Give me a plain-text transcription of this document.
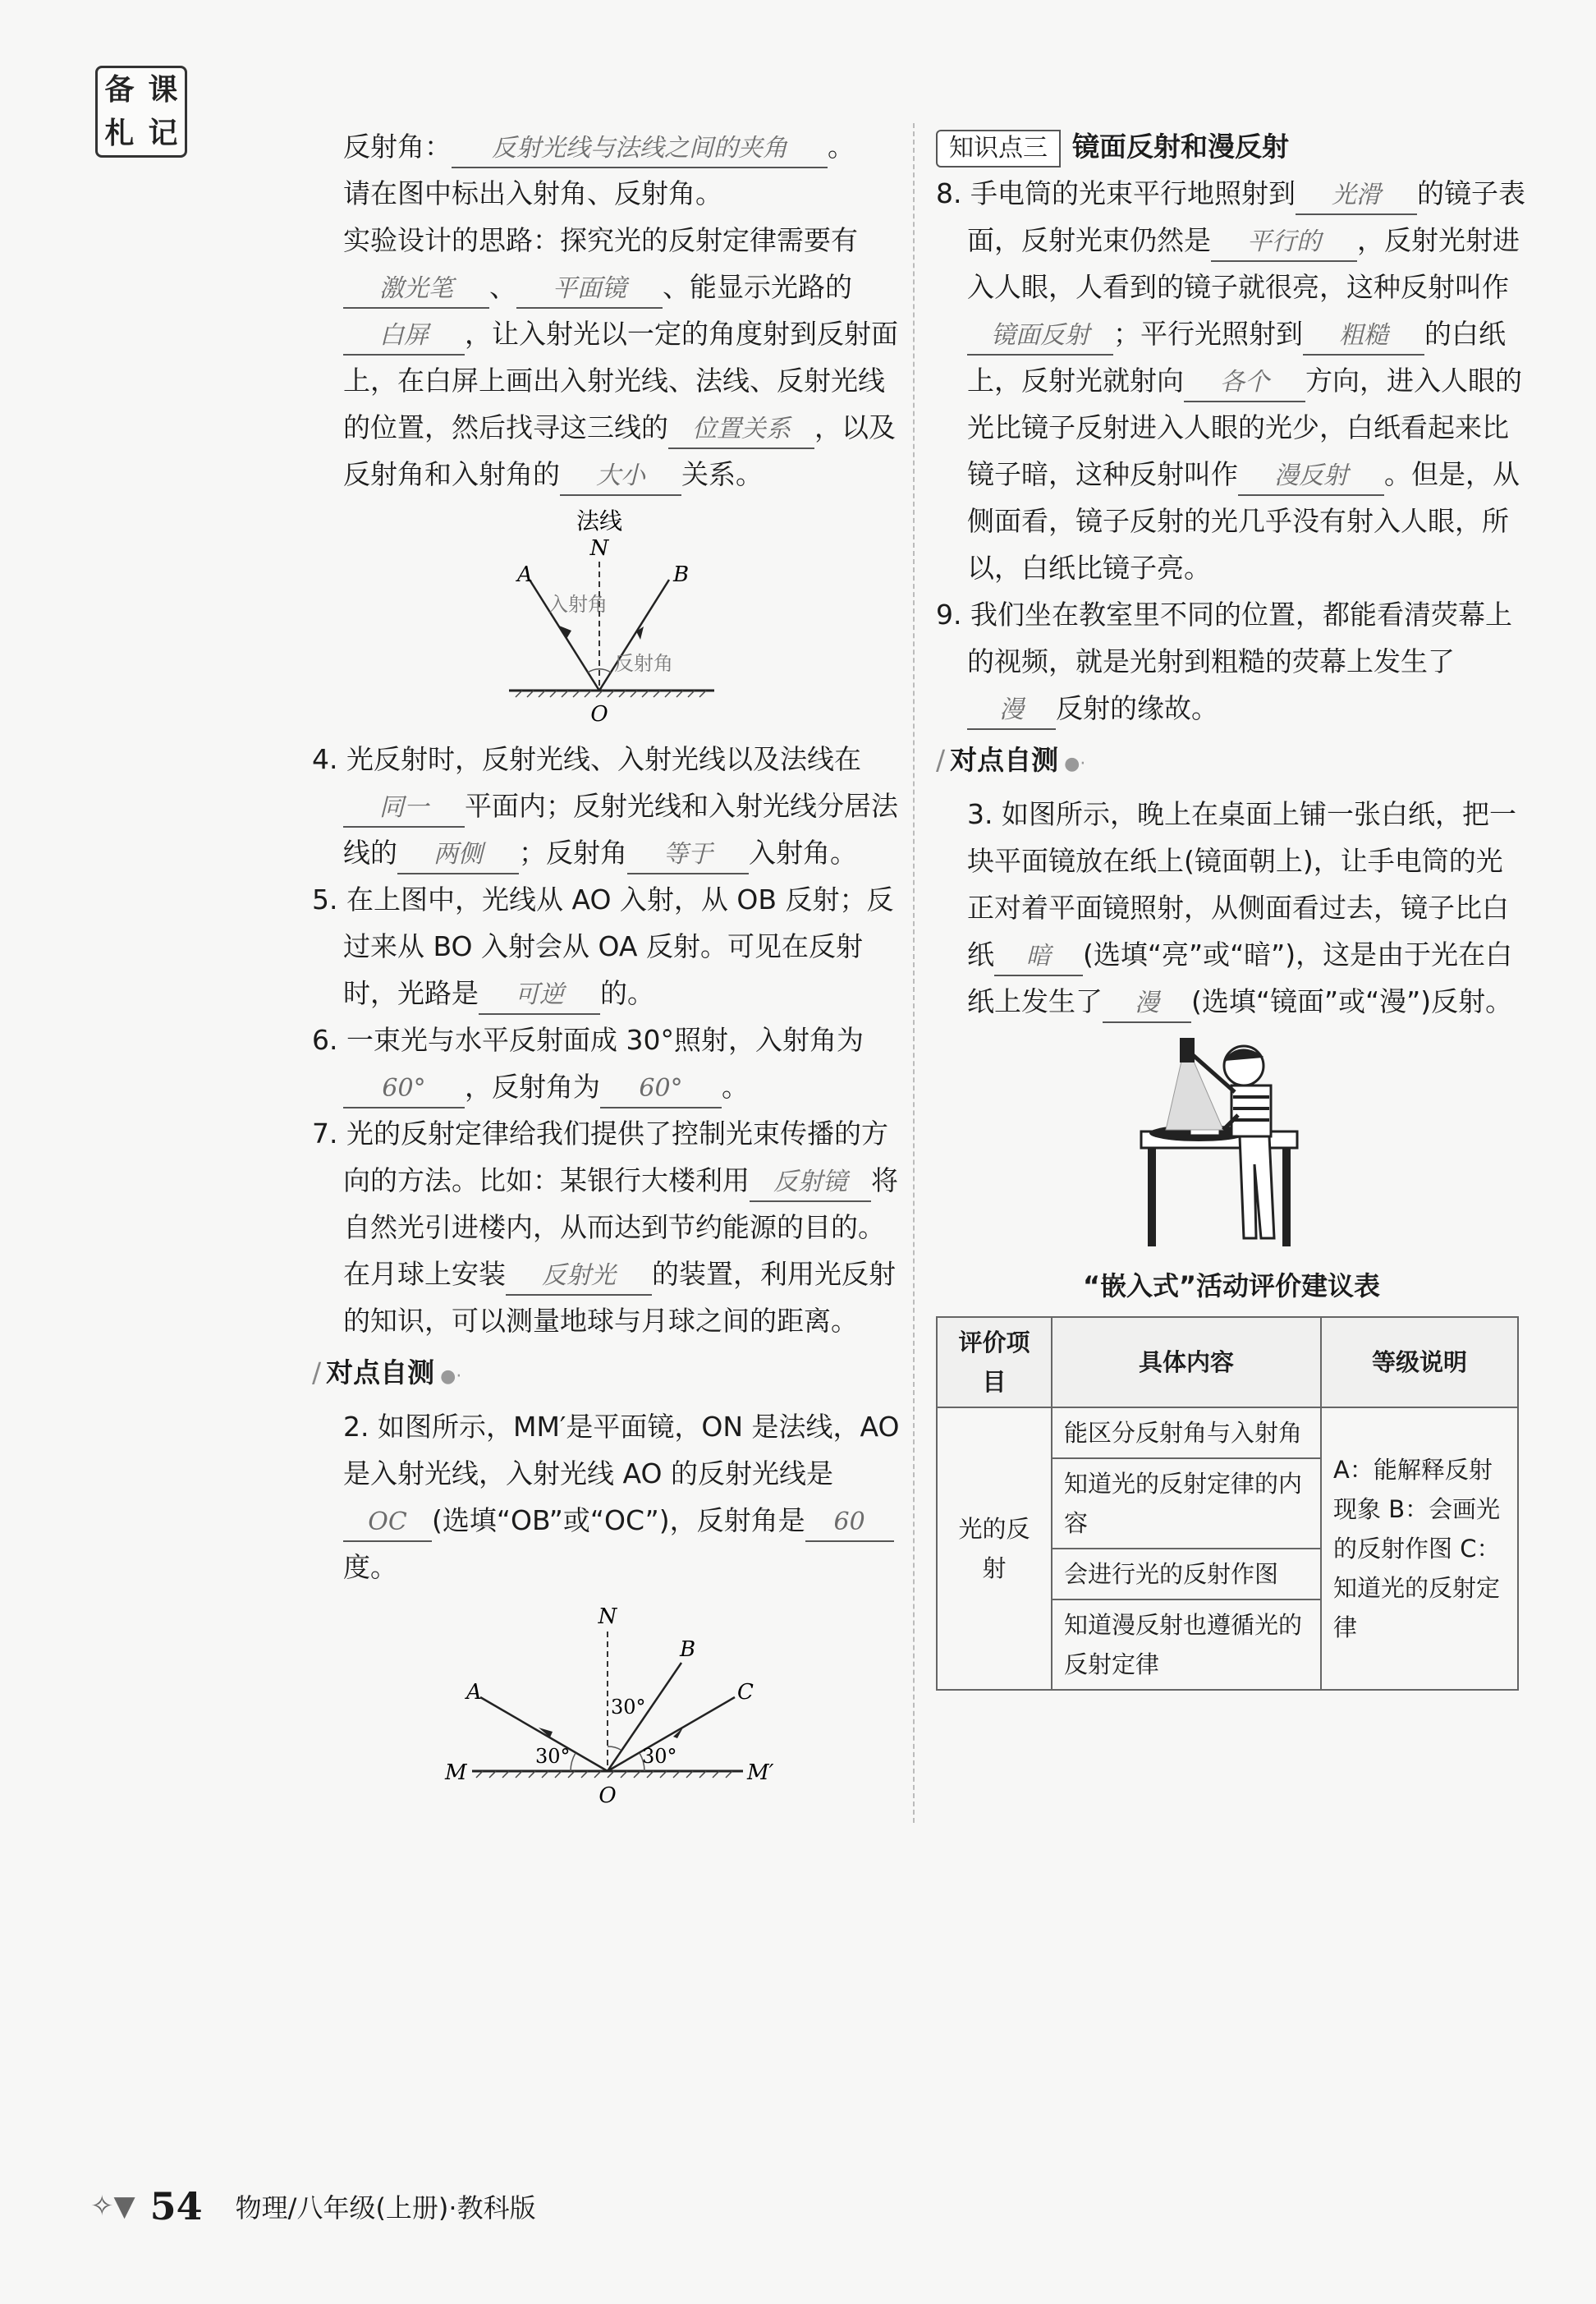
备 课
札 记	反射角： 反射光线与法线之间的夹角 。

请在图中标出入射角、反射角。

实验设计的思路：探究光的反射定律需要有 激光笔 、 平面镜 、能显示光路的 白屏 ，让入射光以一定的角度射到反射面上，在白屏上画出入射光线、法线、反射光线的位置，然后找寻这三线的 位置关系 ，以及反射角和入射角的 大小 关系。

法线
N
A	B
入射角
反射角
O

4. 光反射时，反射光线、入射光线以及法线在同一 平面内；反射光线和入射光线分居法线的 两侧 ；反射角 等于 入射角。

5. 在上图中，光线从 AO 入射，从 OB 反射；反过来从 BO 入射会从 OA 反射。可见在反射时，光路是 可逆 的。

6. 一束光与水平反射面成 30°照射，入射角为60° ，反射角为 60° 。

7. 光的反射定律给我们提供了控制光束传播的方向的方法。比如：某银行大楼利用 反射镜 将自然光引进楼内，从而达到节约能源的目的。在月球上安装 反射光 的装置，利用光反射的知识，可以测量地球与月球之间的距离。

/ 对点自测 ●·

2. 如图所示，MM′是平面镜，ON 是法线，AO 是入射光线，入射光线 AO 的反射光线是OC (选填“OB”或“OC”)，反射角是 60度。

N
A
B
C
M	M′
O
30°
30°
30°
知识点三 镜面反射和漫反射

8. 手电筒的光束平行地照射到 光滑 的镜子表面，反射光束仍然是 平行的 ，反射光射进入人眼，人看到的镜子就很亮，这种反射叫作镜面反射 ；平行光照射到 粗糙 的白纸上，反射光就射向 各个 方向，进入人眼的光比镜子反射进入人眼的光少，白纸看起来比镜子暗，这种反射叫作 漫反射 。但是，从侧面看，镜子反射的光几乎没有射入人眼，所以，白纸比镜子亮。

9. 我们坐在教室里不同的位置，都能看清荧幕上的视频，就是光射到粗糙的荧幕上发生了漫 反射的缘故。

/ 对点自测 ●·

3. 如图所示，晚上在桌面上铺一张白纸，把一块平面镜放在纸上(镜面朝上)，让手电筒的光正对着平面镜照射，从侧面看过去，镜子比白纸 暗 (选填“亮”或“暗”)，这是由于光在白纸上发生了 漫 (选填“镜面”或“漫”)反射。

“嵌入式”活动评价建议表
评价项目	具体内容	等级说明
光的反射	能区分反射角与入射角	A：能解释反射现象 B：会画光的反射作图 C：知道光的反射定律
	知道光的反射定律的内容	
	会进行光的反射作图	
	知道漫反射也遵循光的反射定律	
✧▼ 54 物理/八年级(上册)·教科版
